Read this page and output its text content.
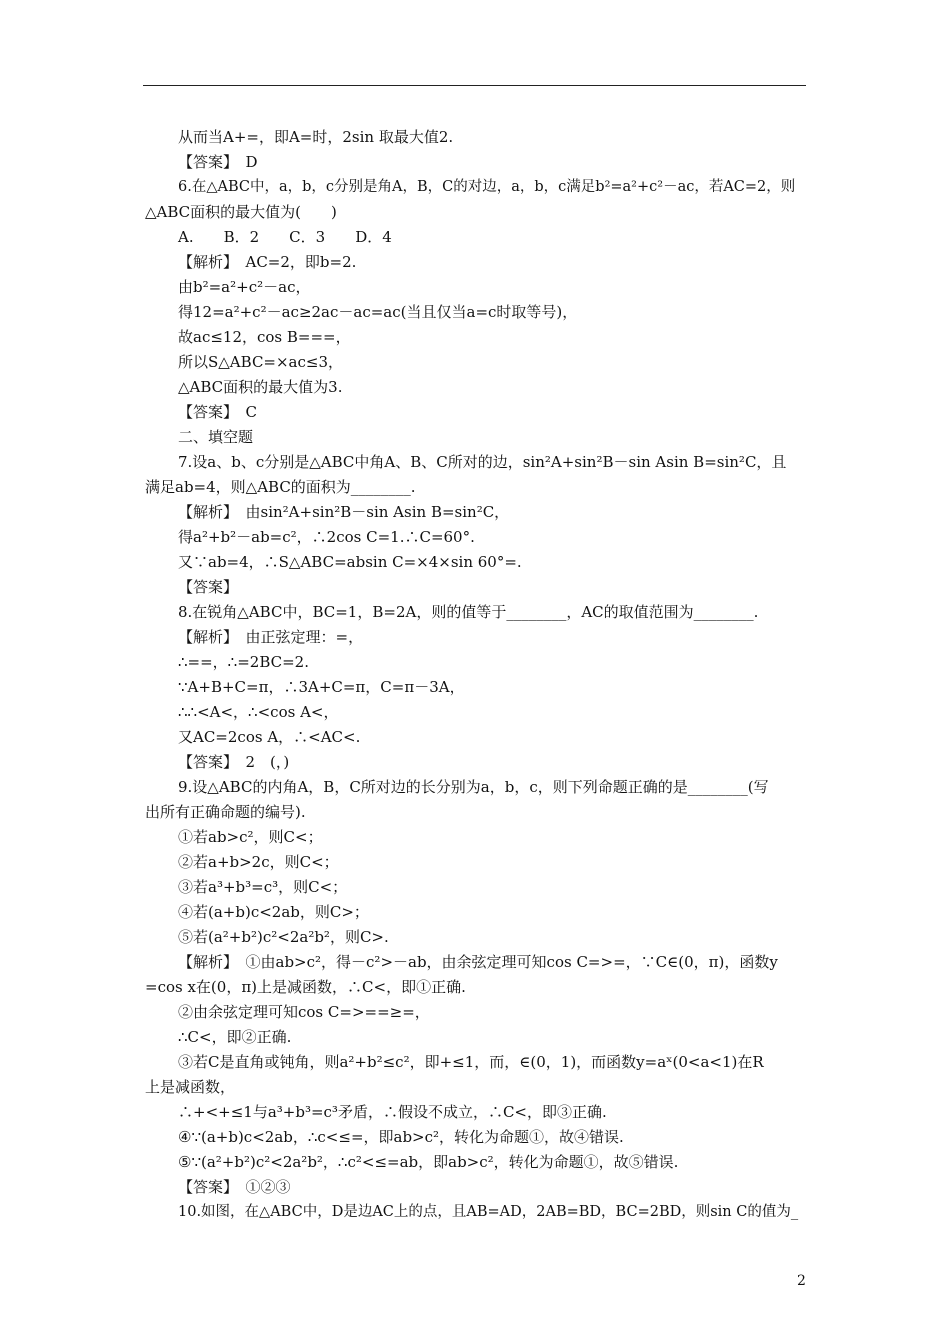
从而当A+=，即A=时，2sin 取最大值2.
【答案】　D
6.在△ABC中，a，b，c分别是角A，B，C的对边，a，b，c满足b²=a²+c²－ac，若AC=2，则
△ABC面积的最大值为(　　)
A.　　B．2　　C．3　　D．4
【解析】　AC=2，即b=2.
由b²=a²+c²－ac，
得12=a²+c²－ac≥2ac－ac=ac(当且仅当a=c时取等号)，
故ac≤12，cos B===，
所以S△ABC=×ac≤3，
△ABC面积的最大值为3.
【答案】　C
二、填空题
7.设a、b、c分别是△ABC中角A、B、C所对的边，sin²A+sin²B－sin Asin B=sin²C，且
满足ab=4，则△ABC的面积为________.
【解析】　由sin²A+sin²B－sin Asin B=sin²C，
得a²+b²－ab=c²，∴2cos C=1.∴C=60°.
又∵ab=4，∴S△ABC=absin C=×4×sin 60°=.
【答案】
8.在锐角△ABC中，BC=1，B=2A，则的值等于________，AC的取值范围为________.
【解析】　由正弦定理：=，
∴==，∴=2BC=2.
∵A+B+C=π，∴3A+C=π，C=π－3A，
∴∴<A<，∴<cos A<，
又AC=2cos A，∴<AC<.
【答案】　2　(，)
9.设△ABC的内角A，B，C所对边的长分别为a，b，c，则下列命题正确的是________(写
出所有正确命题的编号).
①若ab>c²，则C<；
②若a+b>2c，则C<；
③若a³+b³=c³，则C<；
④若(a+b)c<2ab，则C>；
⑤若(a²+b²)c²<2a²b²，则C>.
【解析】　①由ab>c²，得－c²>－ab，由余弦定理可知cos C=>=，∵C∈(0，π)，函数y
=cos x在(0，π)上是减函数，∴C<，即①正确.
②由余弦定理可知cos C=>==≥=，
∴C<，即②正确.
③若C是直角或钝角，则a²+b²≤c²，即+≤1，而，∈(0，1)，而函数y=aˣ(0<a<1)在R
上是减函数，
∴+<+≤1与a³+b³=c³矛盾，∴假设不成立，∴C<，即③正确.
④∵(a+b)c<2ab，∴c<≤=，即ab>c²，转化为命题①，故④错误.
⑤∵(a²+b²)c²<2a²b²，∴c²<≤=ab，即ab>c²，转化为命题①，故⑤错误.
【答案】　①②③
10.如图，在△ABC中，D是边AC上的点，且AB=AD，2AB=BD，BC=2BD，则sin C的值为_
2
